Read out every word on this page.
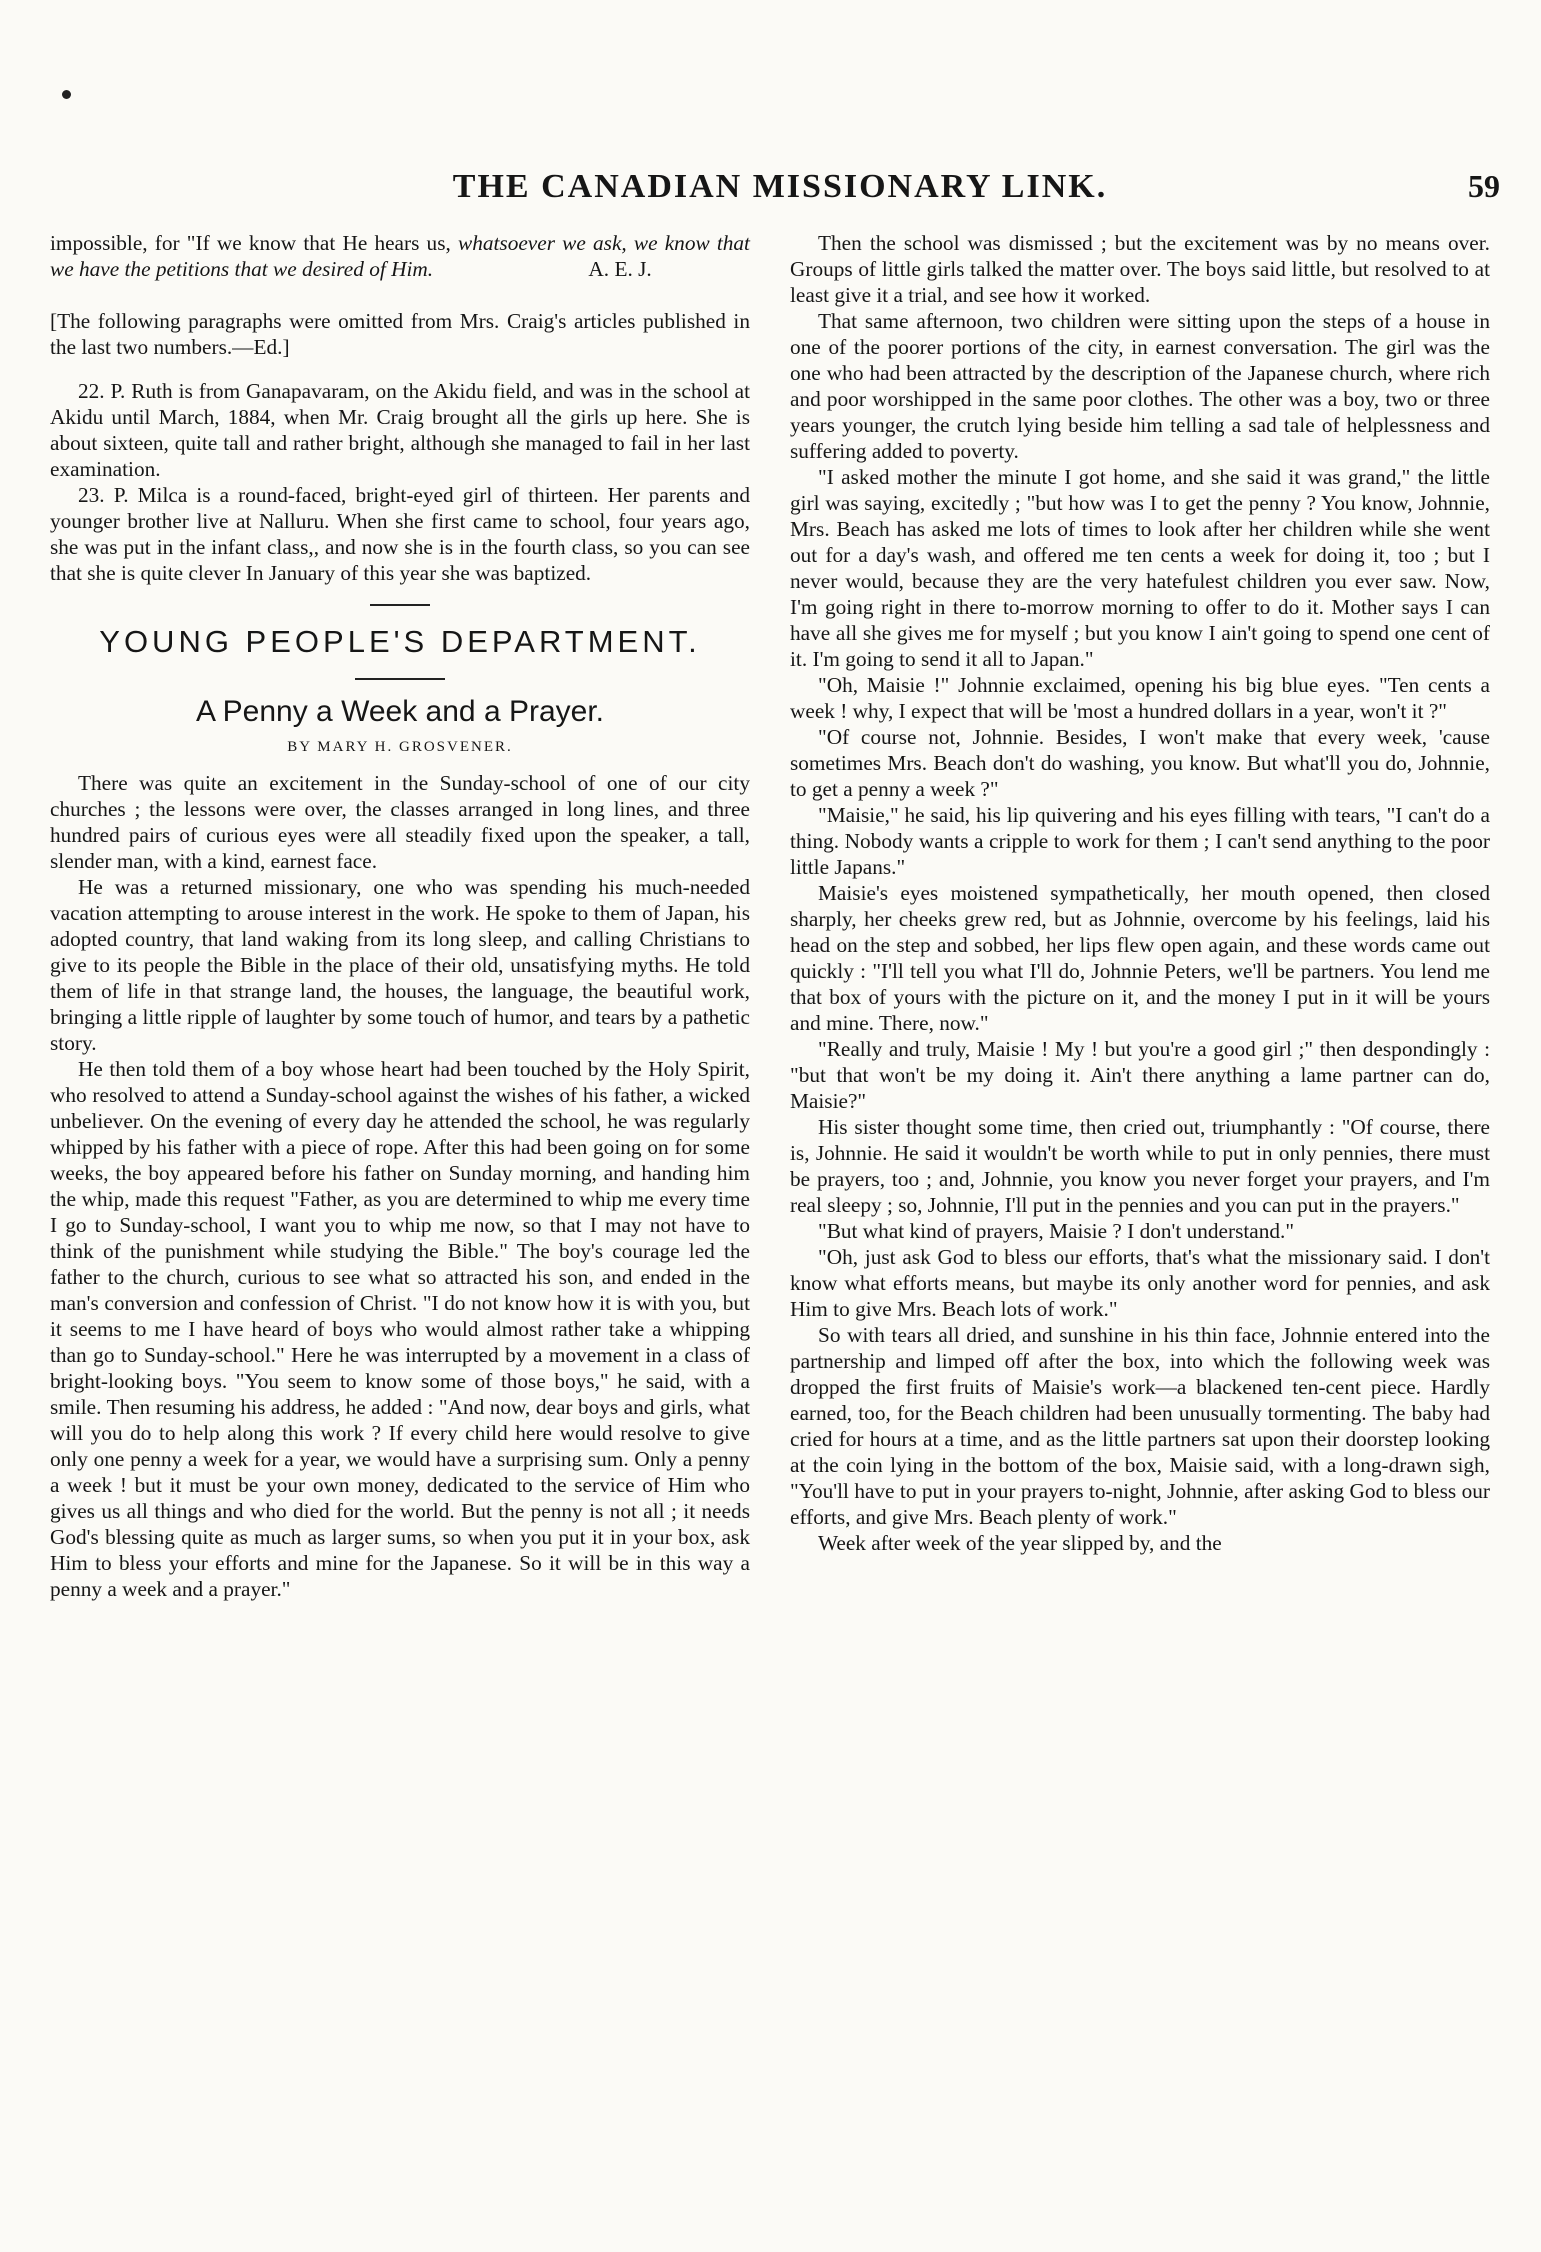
THE CANADIAN MISSIONARY LINK.	59

impossible, for "If we know that He hears us, whatsoever we ask, we know that we have the petitions that we desired of Him.	A. E. J.

[The following paragraphs were omitted from Mrs. Craig's articles published in the last two numbers.—Ed.]

22. P. Ruth is from Ganapavaram, on the Akidu field, and was in the school at Akidu until March, 1884, when Mr. Craig brought all the girls up here. She is about sixteen, quite tall and rather bright, although she managed to fail in her last examination.

23. P. Milca is a round-faced, bright-eyed girl of thirteen. Her parents and younger brother live at Nalluru. When she first came to school, four years ago, she was put in the infant class,, and now she is in the fourth class, so you can see that she is quite clever In January of this year she was baptized.

YOUNG PEOPLE'S DEPARTMENT.
A Penny a Week and a Prayer.
BY MARY H. GROSVENER.

There was quite an excitement in the Sunday-school of one of our city churches ; the lessons were over, the classes arranged in long lines, and three hundred pairs of curious eyes were all steadily fixed upon the speaker, a tall, slender man, with a kind, earnest face.

He was a returned missionary, one who was spending his much-needed vacation attempting to arouse interest in the work. He spoke to them of Japan, his adopted country, that land waking from its long sleep, and calling Christians to give to its people the Bible in the place of their old, unsatisfying myths. He told them of life in that strange land, the houses, the language, the beautiful work, bringing a little ripple of laughter by some touch of humor, and tears by a pathetic story.

He then told them of a boy whose heart had been touched by the Holy Spirit, who resolved to attend a Sunday-school against the wishes of his father, a wicked unbeliever. On the evening of every day he attended the school, he was regularly whipped by his father with a piece of rope. After this had been going on for some weeks, the boy appeared before his father on Sunday morning, and handing him the whip, made this request "Father, as you are determined to whip me every time I go to Sunday-school, I want you to whip me now, so that I may not have to think of the punishment while studying the Bible." The boy's courage led the father to the church, curious to see what so attracted his son, and ended in the man's conversion and confession of Christ. "I do not know how it is with you, but it seems to me I have heard of boys who would almost rather take a whipping than go to Sunday-school." Here he was interrupted by a movement in a class of bright-looking boys. "You seem to know some of those boys," he said, with a smile. Then resuming his address, he added : "And now, dear boys and girls, what will you do to help along this work ? If every child here would resolve to give only one penny a week for a year, we would have a surprising sum. Only a penny a week ! but it must be your own money, dedicated to the service of Him who gives us all things and who died for the world. But the penny is not all ; it needs God's blessing quite as much as larger sums, so when you put it in your box, ask Him to bless your efforts and mine for the Japanese. So it will be in this way a penny a week and a prayer."

Then the school was dismissed ; but the excitement was by no means over. Groups of little girls talked the matter over. The boys said little, but resolved to at least give it a trial, and see how it worked.

That same afternoon, two children were sitting upon the steps of a house in one of the poorer portions of the city, in earnest conversation. The girl was the one who had been attracted by the description of the Japanese church, where rich and poor worshipped in the same poor clothes. The other was a boy, two or three years younger, the crutch lying beside him telling a sad tale of helplessness and suffering added to poverty.

"I asked mother the minute I got home, and she said it was grand," the little girl was saying, excitedly ; "but how was I to get the penny ? You know, Johnnie, Mrs. Beach has asked me lots of times to look after her children while she went out for a day's wash, and offered me ten cents a week for doing it, too ; but I never would, because they are the very hatefulest children you ever saw. Now, I'm going right in there to-morrow morning to offer to do it. Mother says I can have all she gives me for myself ; but you know I ain't going to spend one cent of it. I'm going to send it all to Japan."

"Oh, Maisie !" Johnnie exclaimed, opening his big blue eyes. "Ten cents a week ! why, I expect that will be 'most a hundred dollars in a year, won't it ?"

"Of course not, Johnnie. Besides, I won't make that every week, 'cause sometimes Mrs. Beach don't do washing, you know. But what'll you do, Johnnie, to get a penny a week ?"

"Maisie," he said, his lip quivering and his eyes filling with tears, "I can't do a thing. Nobody wants a cripple to work for them ; I can't send anything to the poor little Japans."

Maisie's eyes moistened sympathetically, her mouth opened, then closed sharply, her cheeks grew red, but as Johnnie, overcome by his feelings, laid his head on the step and sobbed, her lips flew open again, and these words came out quickly : "I'll tell you what I'll do, Johnnie Peters, we'll be partners. You lend me that box of yours with the picture on it, and the money I put in it will be yours and mine. There, now."

"Really and truly, Maisie ! My ! but you're a good girl ;" then despondingly : "but that won't be my doing it. Ain't there anything a lame partner can do, Maisie?"

His sister thought some time, then cried out, triumphantly : "Of course, there is, Johnnie. He said it wouldn't be worth while to put in only pennies, there must be prayers, too ; and, Johnnie, you know you never forget your prayers, and I'm real sleepy ; so, Johnnie, I'll put in the pennies and you can put in the prayers."

"But what kind of prayers, Maisie ? I don't understand."

"Oh, just ask God to bless our efforts, that's what the missionary said. I don't know what efforts means, but maybe its only another word for pennies, and ask Him to give Mrs. Beach lots of work."

So with tears all dried, and sunshine in his thin face, Johnnie entered into the partnership and limped off after the box, into which the following week was dropped the first fruits of Maisie's work—a blackened ten-cent piece. Hardly earned, too, for the Beach children had been unusually tormenting. The baby had cried for hours at a time, and as the little partners sat upon their doorstep looking at the coin lying in the bottom of the box, Maisie said, with a long-drawn sigh, "You'll have to put in your prayers to-night, Johnnie, after asking God to bless our efforts, and give Mrs. Beach plenty of work."

Week after week of the year slipped by, and the
